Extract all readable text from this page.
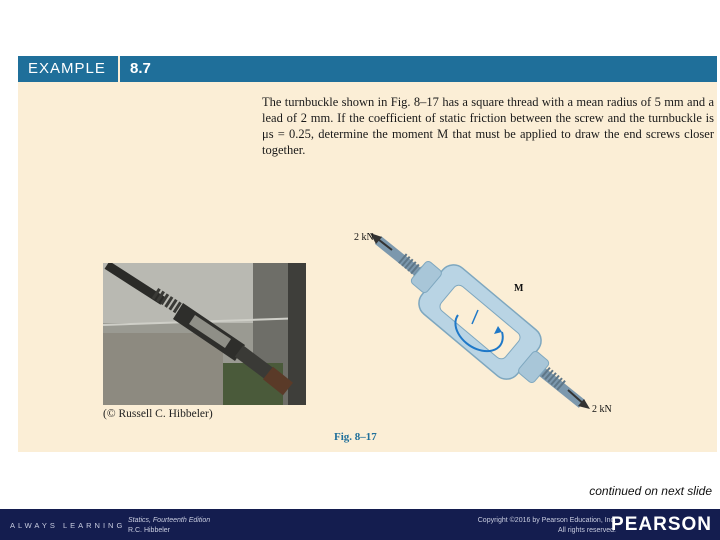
EXAMPLE	8.7
The turnbuckle shown in Fig. 8–17 has a square thread with a mean radius of 5 mm and a lead of 2 mm. If the coefficient of static friction between the screw and the turnbuckle is μs = 0.25, determine the moment M that must be applied to draw the end screws closer together.
(© Russell C. Hibbeler)
2 kN
2 kN
M
Fig. 8–17
continued on next slide
ALWAYS LEARNING
Statics, Fourteenth Edition
R.C. Hibbeler
Copyright ©2016 by Pearson Education, Inc.
All rights reserved.
PEARSON
